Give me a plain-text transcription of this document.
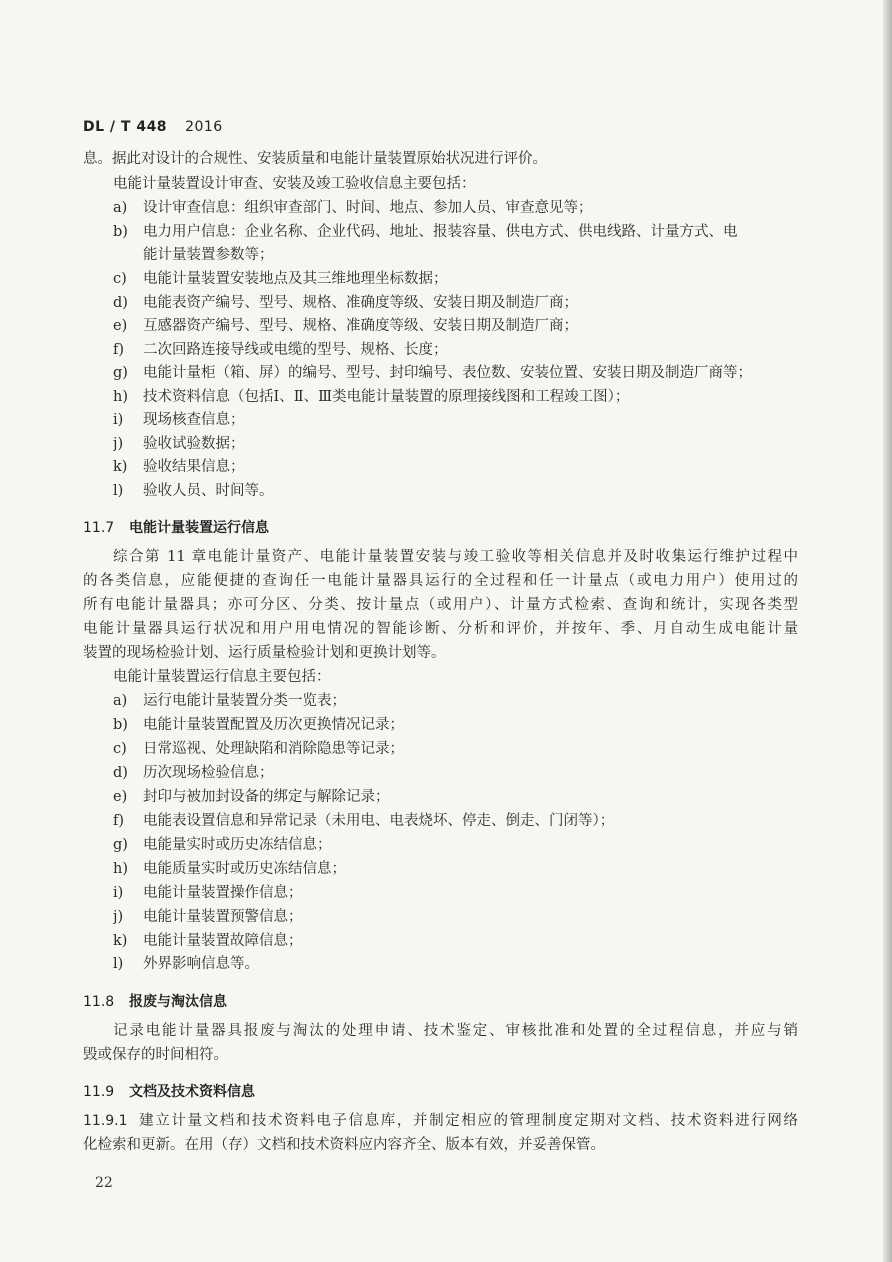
DL / T 448 2016
息。据此对设计的合规性、安装质量和电能计量装置原始状况进行评价。
电能计量装置设计审查、安装及竣工验收信息主要包括：
a) 设计审查信息：组织审查部门、时间、地点、参加人员、审查意见等；
b) 电力用户信息：企业名称、企业代码、地址、报装容量、供电方式、供电线路、计量方式、电
能计量装置参数等；
c) 电能计量装置安装地点及其三维地理坐标数据；
d) 电能表资产编号、型号、规格、准确度等级、安装日期及制造厂商；
e) 互感器资产编号、型号、规格、准确度等级、安装日期及制造厂商；
f) 二次回路连接导线或电缆的型号、规格、长度；
g) 电能计量柜（箱、屏）的编号、型号、封印编号、表位数、安装位置、安装日期及制造厂商等；
h) 技术资料信息（包括Ⅰ、Ⅱ、Ⅲ类电能计量装置的原理接线图和工程竣工图）；
i) 现场核查信息；
j) 验收试验数据；
k) 验收结果信息；
l) 验收人员、时间等。
11.7 电能计量装置运行信息
综合第 11 章电能计量资产、电能计量装置安装与竣工验收等相关信息并及时收集运行维护过程中
的各类信息，应能便捷的查询任一电能计量器具运行的全过程和任一计量点（或电力用户）使用过的
所有电能计量器具；亦可分区、分类、按计量点（或用户）、计量方式检索、查询和统计，实现各类型
电能计量器具运行状况和用户用电情况的智能诊断、分析和评价，并按年、季、月自动生成电能计量
装置的现场检验计划、运行质量检验计划和更换计划等。
电能计量装置运行信息主要包括：
a) 运行电能计量装置分类一览表；
b) 电能计量装置配置及历次更换情况记录；
c) 日常巡视、处理缺陷和消除隐患等记录；
d) 历次现场检验信息；
e) 封印与被加封设备的绑定与解除记录；
f) 电能表设置信息和异常记录（未用电、电表烧坏、停走、倒走、门闭等）；
g) 电能量实时或历史冻结信息；
h) 电能质量实时或历史冻结信息；
i) 电能计量装置操作信息；
j) 电能计量装置预警信息；
k) 电能计量装置故障信息；
l) 外界影响信息等。
11.8 报废与淘汰信息
记录电能计量器具报废与淘汰的处理申请、技术鉴定、审核批准和处置的全过程信息，并应与销
毁或保存的时间相符。
11.9 文档及技术资料信息
11.9.1 建立计量文档和技术资料电子信息库，并制定相应的管理制度定期对文档、技术资料进行网络
化检索和更新。在用（存）文档和技术资料应内容齐全、版本有效，并妥善保管。
22
